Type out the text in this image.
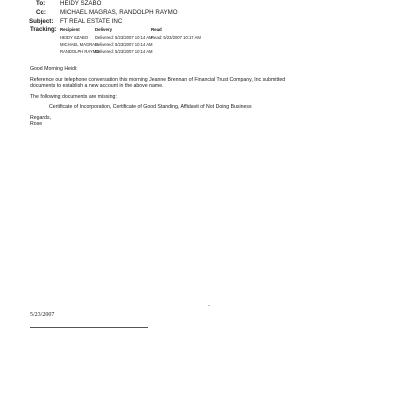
To: HEIDY SZABO
Cc: MICHAEL MAGRAS, RANDOLPH RAYMO
Subject: FT REAL ESTATE INC
Tracking: Recipient	Delivery	Read
HEIDY SZABO Delivered: 5/23/2007 10:14 AM
Read: 5/23/2007 10:17 AM
MICHAEL MAGRAS
Delivered: 5/23/2007 10:14 AM
RANDOLPH RAYMO
Delivered: 5/23/2007 10:14 AM
Good Morning Heidi:
Reference our telephone conversation this morning Jeanne Brennan of Financial Trust Company, Inc submitted
documents to establish a new account in the above name.
The following documents are missing:
Certificate of Incorporation, Certificate of Good Standing, Affidavit of Not Doing Business
Regards,
Rose
5/23/2007
